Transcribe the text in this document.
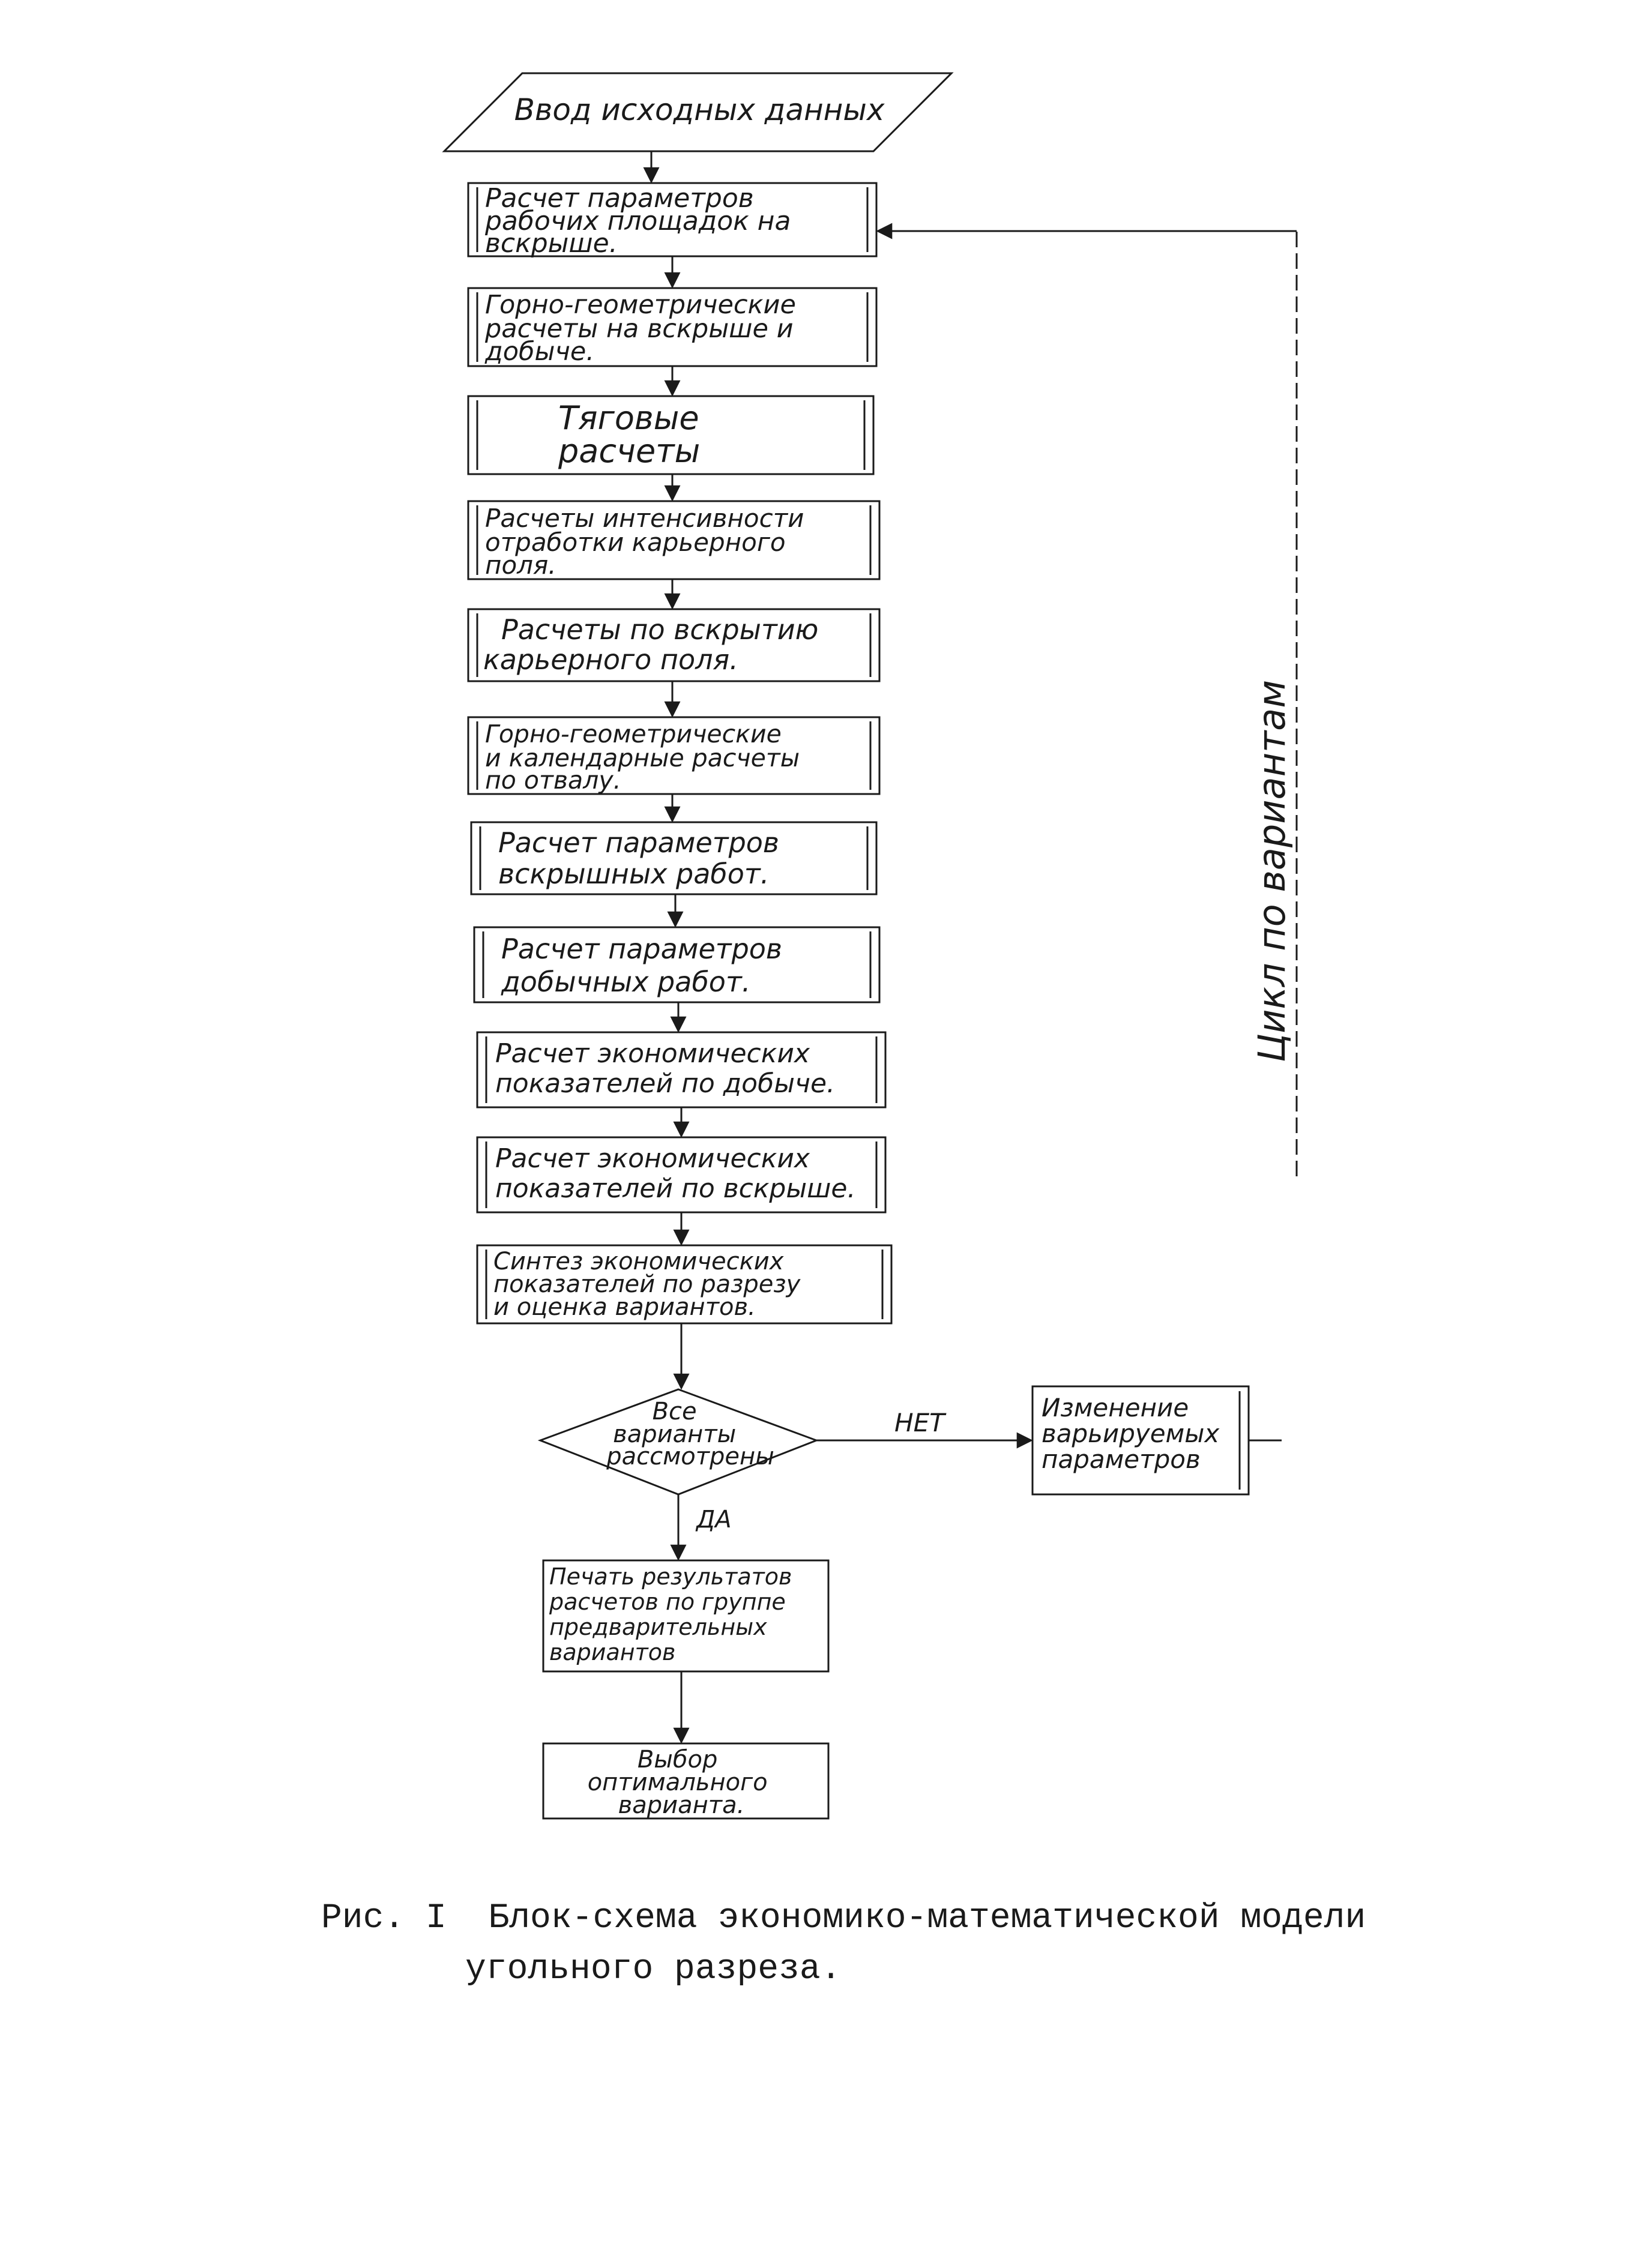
Ввод исходных данных
Расчет параметров рабочих площадок на вскрыше.
Горно-геометрические расчеты на вскрыше и добыче.
Тяговые расчеты
Расчеты интенсивности отработки карьерного поля.
Расчеты по вскрытию карьерного поля.
Горно-геометрические и календарные расчеты по отвалу.
Расчет параметров вскрышных работ.
Расчет параметров добычных работ.
Расчет экономических показателей по добыче.
Расчет экономических показателей по вскрыше.
Синтез экономических показателей по разрезу и оценка вариантов.
Все варианты рассмотрены
Изменение варьируемых параметров
Печать результатов расчетов по группе предварительных вариантов
Выбор оптимального варианта.
НЕТ
ДА
Цикл по вариантам
Рис. I  Блок-схема экономико-математической модели
угольного разреза.
